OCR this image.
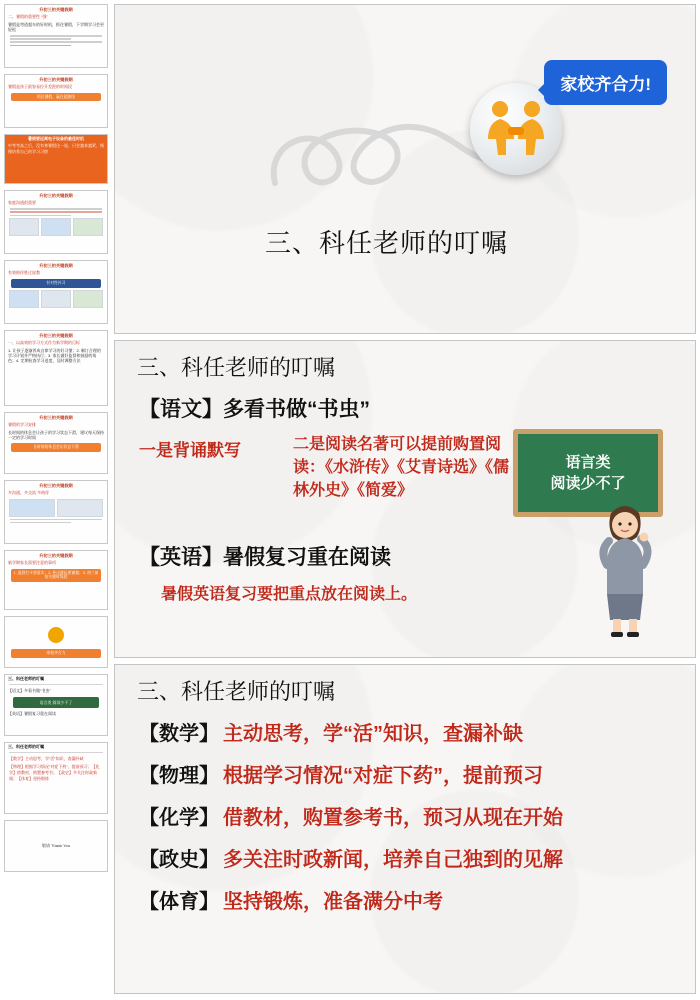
升初三的关键假期
二、暑假的重要性 “强”
暑假是弯道超车的好时机，抓住暑假，下学期学习会更轻松
升初三的关键假期
暑假是孩子最容易拉开差距的时间段
抓住暑假，赢在起跑线
暑假要远离电子设备的最佳时机
中考考高之后，没有寒暑假这一说，只会越来越紧，慢慢培养自己的学习习惯
升初三的关键假期
家庭沟通很重要
升初三的关键假期
有效陪伴胜过说教
针对性补习
升初三的关键假期
一、以高效的学习方式作为新学期的目标
1. 让孩子逐渐养成自律学习的好习惯；2. 制订合理的学习计划并严格执行；3. 家长做好监督和鼓励的角色；4. 定期检查学习进度，及时调整方法
升初三的关键假期
暑假的学习安排
长时间的休息会让孩子的学习状态下滑，建议每天保持一定的学习时间
长时间的休息会让状态下滑
升初三的关键假期
多沟通，多交流 多陪伴
升初三的关键假期
新学期家长需要注意的事项
1. 监督打卡要落实；2. 外出游玩要谨慎；3. 初三前的关键时间段
家校齐合力
三、科任老师的叮嘱
【语文】多看书做“书虫”
语言类 阅读少不了
【英语】暑假复习重在阅读
三、科任老师的叮嘱
【数学】主动思考，学“活”知识，查漏补缺
【物理】根据学习情况“对症下药”，提前预习；【化学】借教材，购置参考书；【政史】多关注时政新闻；【体育】坚持锻炼
敬请 Thank You
家校齐合力!
三、科任老师的叮嘱
三、科任老师的叮嘱
【语文】多看书做“书虫”
一是背诵默写	二是阅读名著可以提前购置阅读：《水浒传》《艾青诗选》《儒林外史》《简爱》
【英语】暑假复习重在阅读
暑假英语复习要把重点放在阅读上。
语言类
阅读少不了
三、科任老师的叮嘱
【数学】 主动思考，学“活”知识，查漏补缺
【物理】 根据学习情况“对症下药”，提前预习
【化学】 借教材，购置参考书，预习从现在开始
【政史】 多关注时政新闻，培养自己独到的见解
【体育】 坚持锻炼，准备满分中考
